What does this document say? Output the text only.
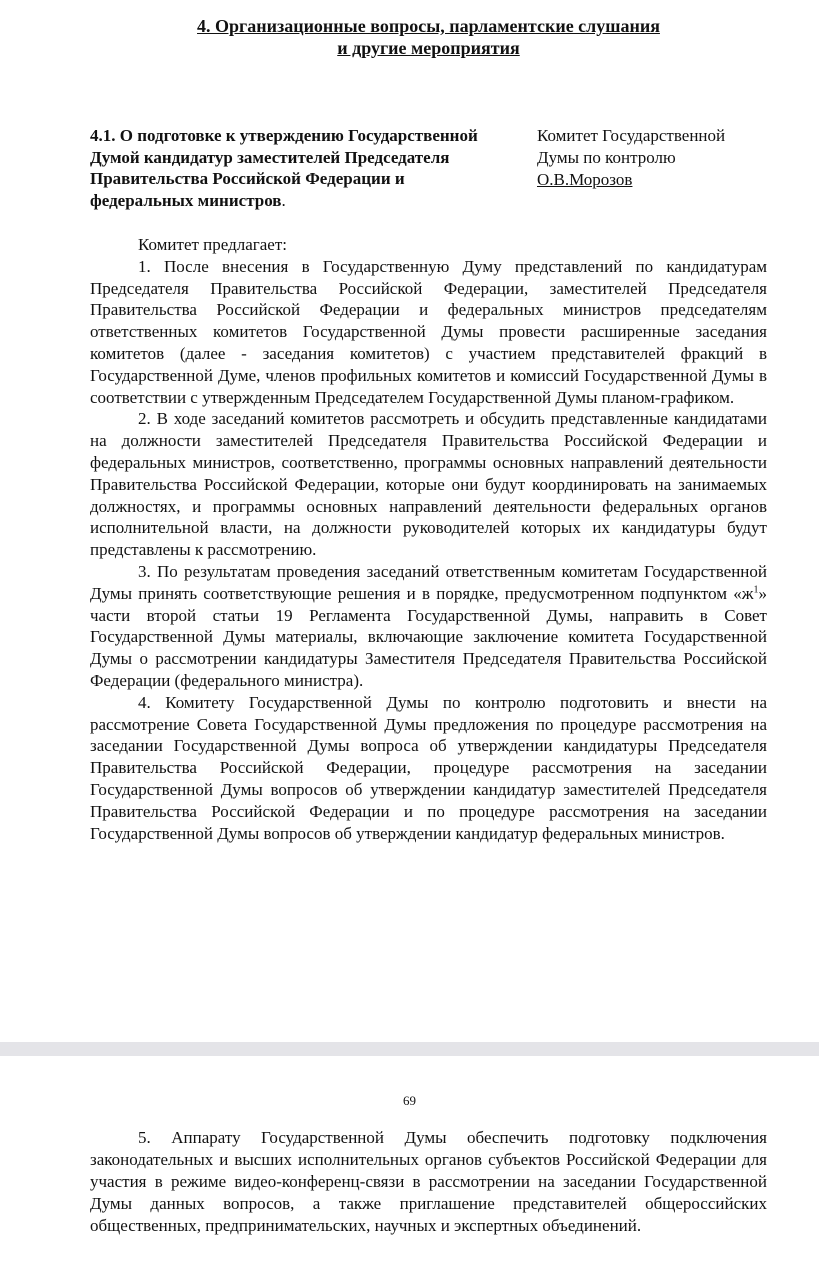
4. Организационные вопросы, парламентские слушания
и другие мероприятия
4.1. О подготовке к утверждению Государственной Думой кандидатур заместителей Председателя Правительства Российской Федерации и федеральных министров.
Комитет Государственной
Думы по контролю
О.В.Морозов

Комитет предлагает:

1. После внесения в Государственную Думу представлений по кандидатурам Председателя Правительства Российской Федерации, заместителей Председателя Правительства Российской Федерации и федеральных министров председателям ответственных комитетов Государственной Думы провести расширенные заседания комитетов (далее - заседания комитетов) с участием представителей фракций в Государственной Думе, членов профильных комитетов и комиссий Государственной Думы в соответствии с утвержденным Председателем Государственной Думы планом-графиком.

2. В ходе заседаний комитетов рассмотреть и обсудить представленные кандидатами на должности заместителей Председателя Правительства Российской Федерации и федеральных министров, соответственно, программы основных направлений деятельности Правительства Российской Федерации, которые они будут координировать на занимаемых должностях, и программы основных направлений деятельности федеральных органов исполнительной власти, на должности руководителей которых их кандидатуры будут представлены к рассмотрению.

3. По результатам проведения заседаний ответственным комитетам Государственной Думы принять соответствующие решения и в порядке, предусмотренном подпунктом «$ж^1$» части второй статьи 19 Регламента Государственной Думы, направить в Совет Государственной Думы материалы, включающие заключение комитета Государственной Думы о рассмотрении кандидатуры Заместителя Председателя Правительства Российской Федерации (федерального министра).

4. Комитету Государственной Думы по контролю подготовить и внести на рассмотрение Совета Государственной Думы предложения по процедуре рассмотрения на заседании Государственной Думы вопроса об утверждении кандидатуры Председателя Правительства Российской Федерации, процедуре рассмотрения на заседании Государственной Думы вопросов об утверждении кандидатур заместителей Председателя Правительства Российской Федерации и по процедуре рассмотрения на заседании Государственной Думы вопросов об утверждении кандидатур федеральных министров.

69

5. Аппарату Государственной Думы обеспечить подготовку подключения законодательных и высших исполнительных органов субъектов Российской Федерации для участия в режиме видео-конференц-связи в рассмотрении на заседании Государственной Думы данных вопросов, а также приглашение представителей общероссийских общественных, предпринимательских, научных и экспертных объединений.
